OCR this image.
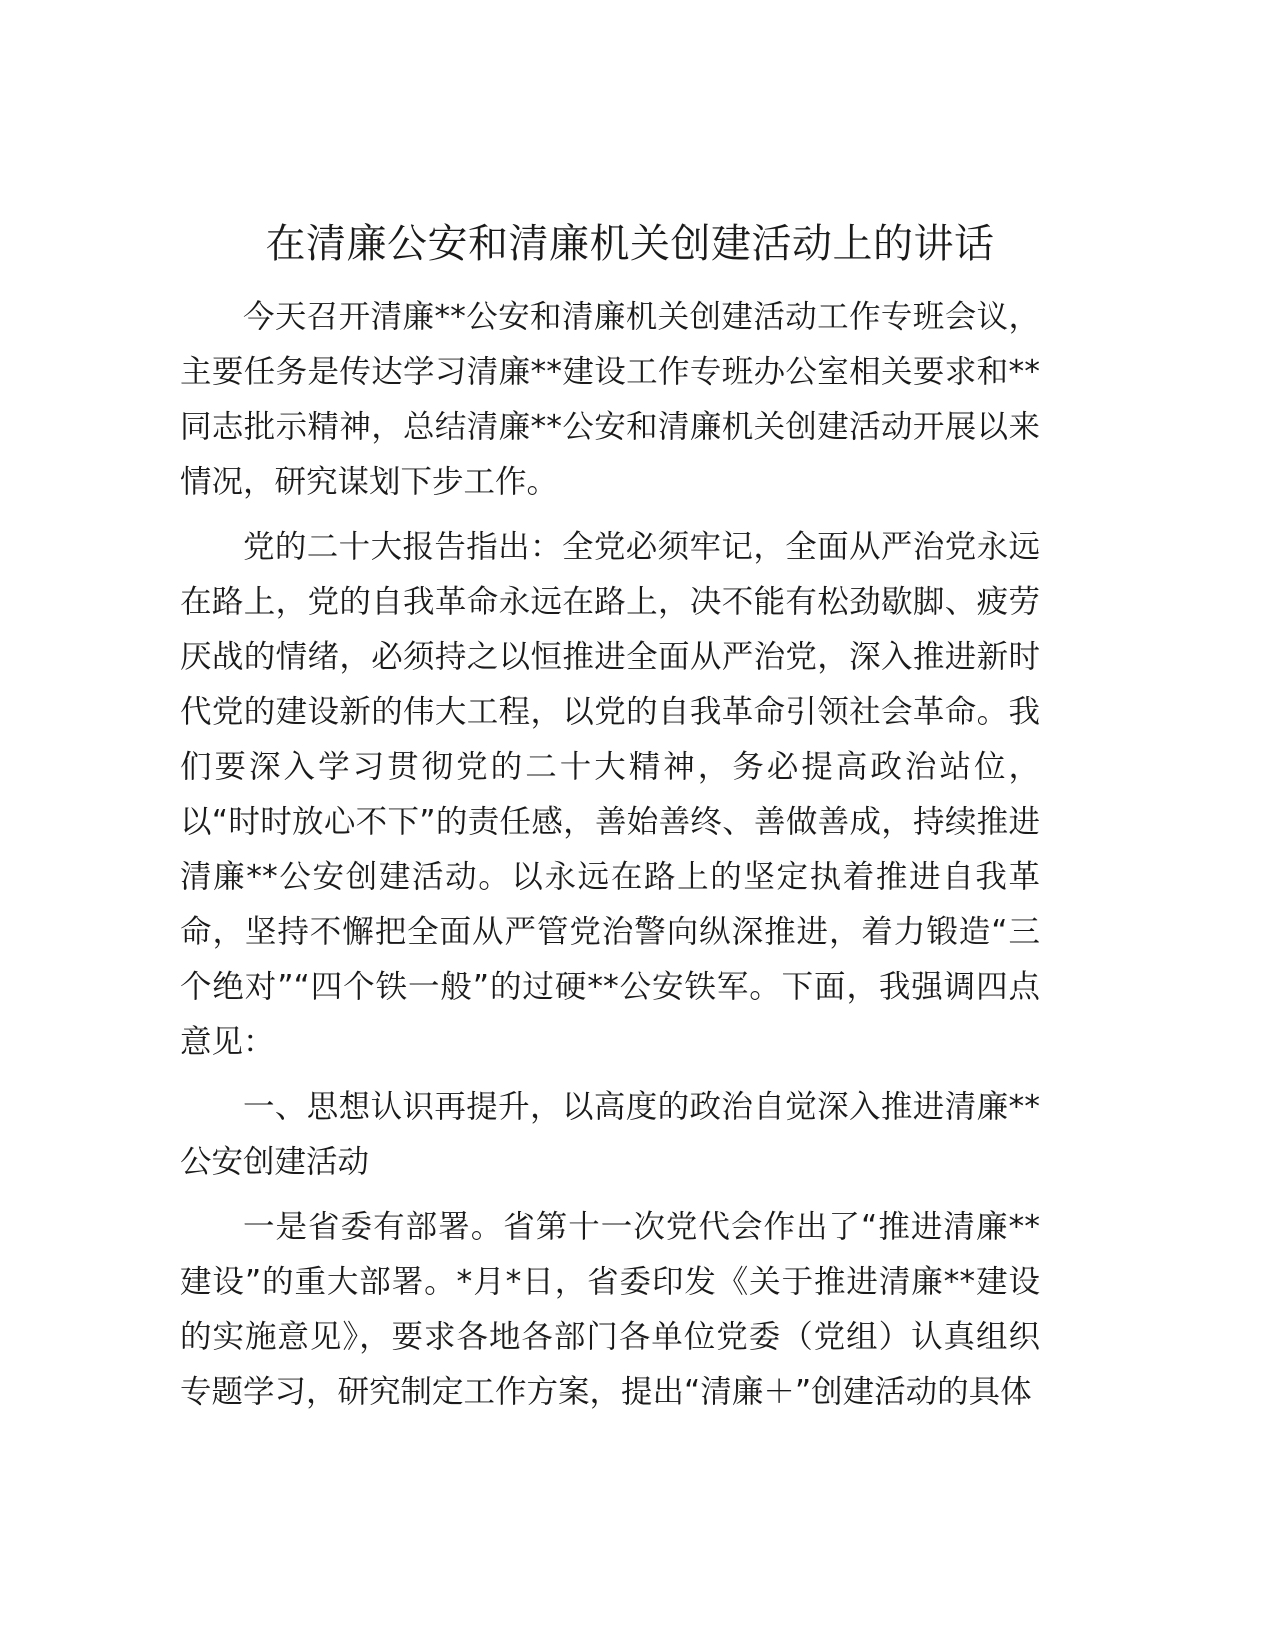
在清廉公安和清廉机关创建活动上的讲话

今天召开清廉**公安和清廉机关创建活动工作专班会议，主要任务是传达学习清廉**建设工作专班办公室相关要求和**同志批示精神，总结清廉**公安和清廉机关创建活动开展以来情况，研究谋划下步工作。

党的二十大报告指出：全党必须牢记，全面从严治党永远在路上，党的自我革命永远在路上，决不能有松劲歇脚、疲劳厌战的情绪，必须持之以恒推进全面从严治党，深入推进新时代党的建设新的伟大工程，以党的自我革命引领社会革命。我们要深入学习贯彻党的二十大精神，务必提高政治站位，以“时时放心不下”的责任感，善始善终、善做善成，持续推进清廉**公安创建活动。以永远在路上的坚定执着推进自我革命，坚持不懈把全面从严管党治警向纵深推进，着力锻造“三个绝对”“四个铁一般”的过硬**公安铁军。下面，我强调四点意见：

一、思想认识再提升，以高度的政治自觉深入推进清廉**公安创建活动

一是省委有部署。省第十一次党代会作出了“推进清廉**建设”的重大部署。*月*日，省委印发《关于推进清廉**建设的实施意见》，要求各地各部门各单位党委（党组）认真组织专题学习，研究制定工作方案，提出“清廉＋”创建活动的具体
